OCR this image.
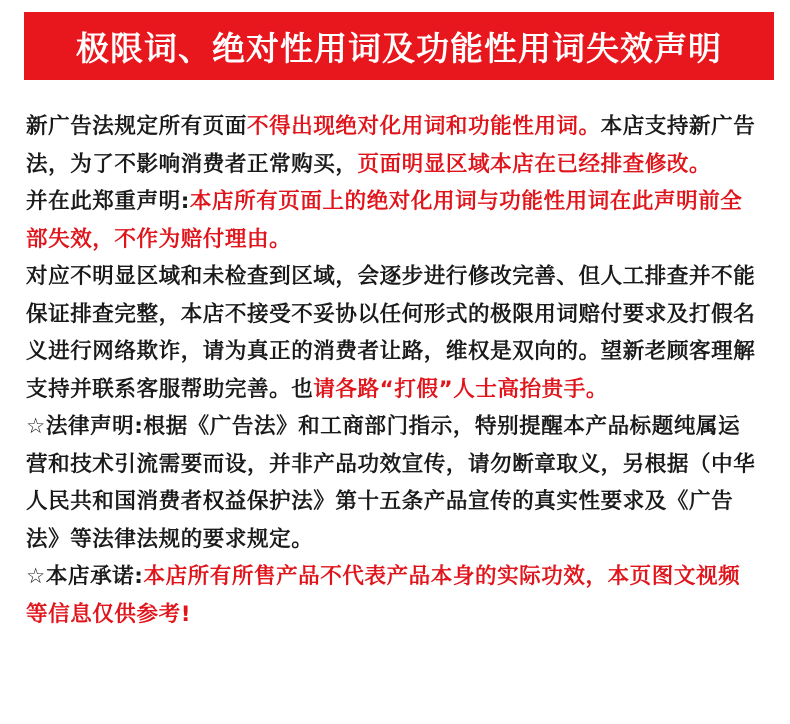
极限词、绝对性用词及功能性用词失效声明

新广告法规定所有页面不得出现绝对化用词和功能性用词。本店支持新广告法，为了不影响消费者正常购买，页面明显区域本店在已经排查修改。

并在此郑重声明:本店所有页面上的绝对化用词与功能性用词在此声明前全部失效，不作为赔付理由。

对应不明显区域和未检查到区域，会逐步进行修改完善、但人工排查并不能保证排查完整，本店不接受不妥协以任何形式的极限用词赔付要求及打假名义进行网络欺诈，请为真正的消费者让路，维权是双向的。望新老顾客理解支持并联系客服帮助完善。也请各路“打假”人士高抬贵手。

☆法律声明:根据《广告法》和工商部门指示，特别提醒本产品标题纯属运营和技术引流需要而设，并非产品功效宣传，请勿断章取义，另根据（中华人民共和国消费者权益保护法》第十五条产品宣传的真实性要求及《广告法》等法律法规的要求规定。

☆本店承诺:本店所有所售产品不代表产品本身的实际功效，本页图文视频等信息仅供参考!
